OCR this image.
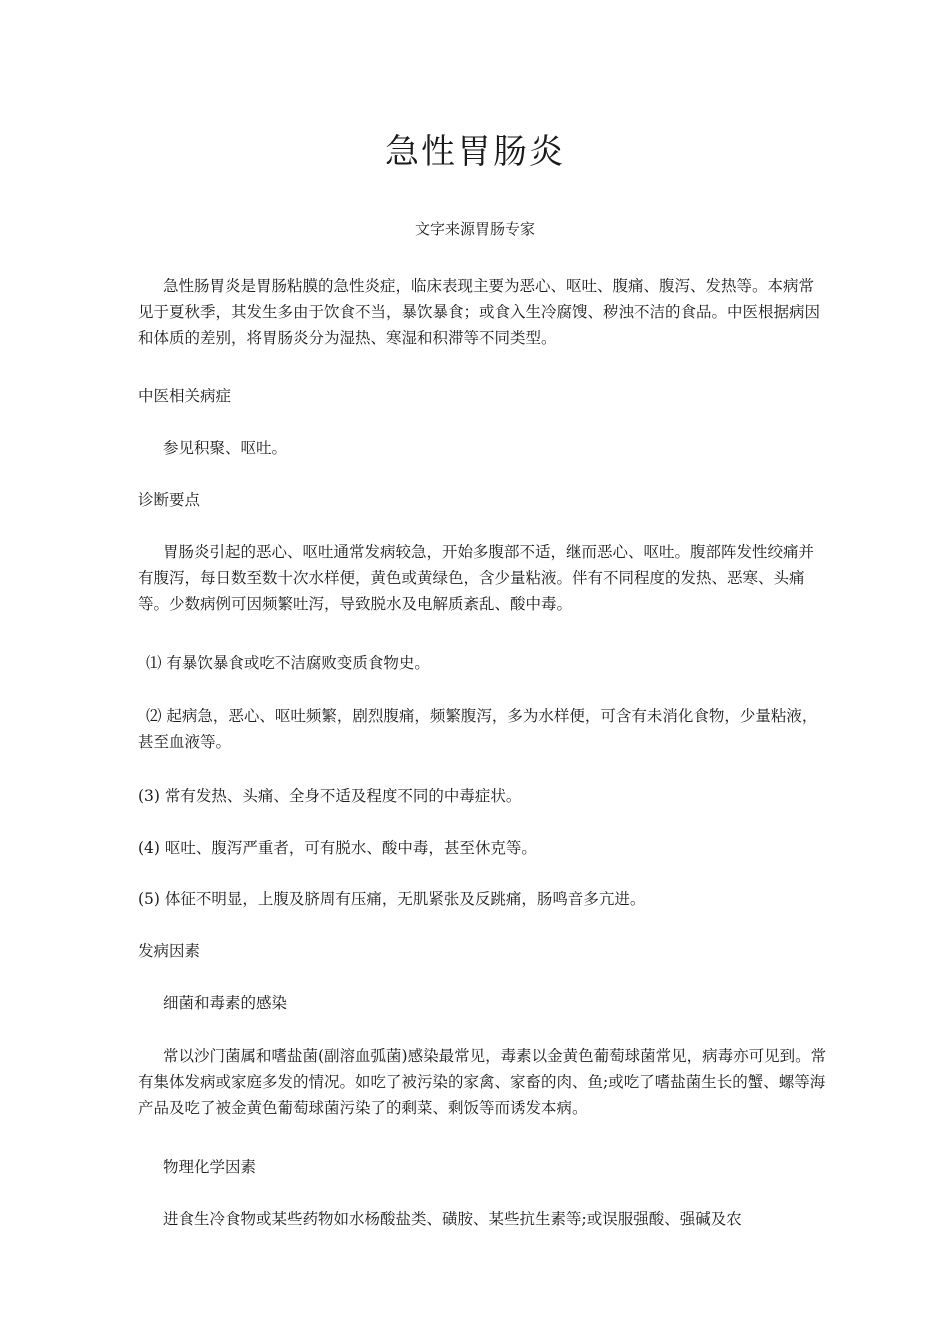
急性胃肠炎
文字来源胃肠专家

急性肠胃炎是胃肠粘膜的急性炎症，临床表现主要为恶心、呕吐、腹痛、腹泻、发热等。本病常见于夏秋季，其发生多由于饮食不当，暴饮暴食；或食入生冷腐馊、秽浊不洁的食品。中医根据病因和体质的差别，将胃肠炎分为湿热、寒湿和积滞等不同类型。

中医相关病症

参见积聚、呕吐。

诊断要点

胃肠炎引起的恶心、呕吐通常发病较急，开始多腹部不适，继而恶心、呕吐。腹部阵发性绞痛并有腹泻，每日数至数十次水样便，黄色或黄绿色，含少量粘液。伴有不同程度的发热、恶寒、头痛等。少数病例可因频繁吐泻，导致脱水及电解质紊乱、酸中毒。

⑴ 有暴饮暴食或吃不洁腐败变质食物史。

⑵ 起病急，恶心、呕吐频繁，剧烈腹痛，频繁腹泻，多为水样便，可含有未消化食物，少量粘液，甚至血液等。

(3) 常有发热、头痛、全身不适及程度不同的中毒症状。

(4) 呕吐、腹泻严重者，可有脱水、酸中毒，甚至休克等。

(5) 体征不明显，上腹及脐周有压痛，无肌紧张及反跳痛，肠鸣音多亢进。

发病因素

细菌和毒素的感染

常以沙门菌属和嗜盐菌(副溶血弧菌)感染最常见，毒素以金黄色葡萄球菌常见，病毒亦可见到。常有集体发病或家庭多发的情况。如吃了被污染的家禽、家畜的肉、鱼;或吃了嗜盐菌生长的蟹、螺等海产品及吃了被金黄色葡萄球菌污染了的剩菜、剩饭等而诱发本病。

物理化学因素

进食生冷食物或某些药物如水杨酸盐类、磺胺、某些抗生素等;或误服强酸、强碱及农
